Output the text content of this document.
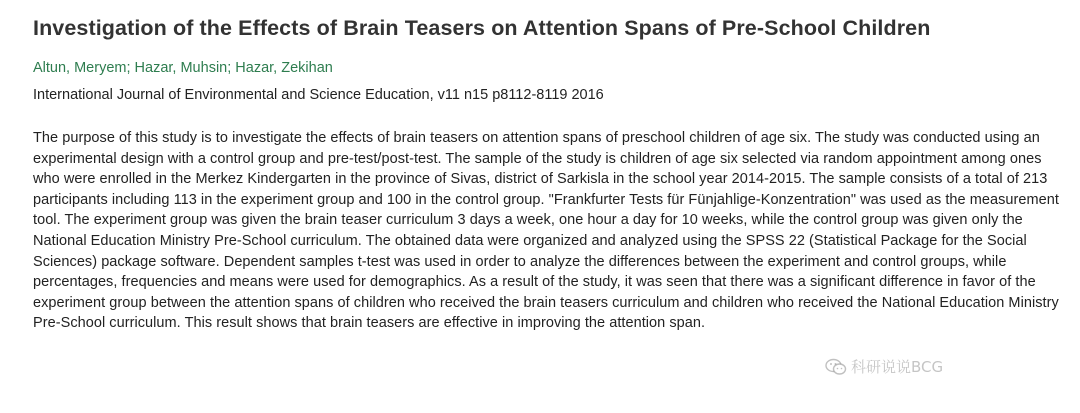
Investigation of the Effects of Brain Teasers on Attention Spans of Pre-School Children
Altun, Meryem; Hazar, Muhsin; Hazar, Zekihan
International Journal of Environmental and Science Education, v11 n15 p8112-8119 2016

The purpose of this study is to investigate the effects of brain teasers on attention spans of preschool children of age six. The study was conducted using an experimental design with a control group and pre-test/post-test. The sample of the study is children of age six selected via random appointment among ones who were enrolled in the Merkez Kindergarten in the province of Sivas, district of Sarkisla in the school year 2014-2015. The sample consists of a total of 213 participants including 113 in the experiment group and 100 in the control group. "Frankfurter Tests für Fünjahlige-Konzentration" was used as the measurement tool. The experiment group was given the brain teaser curriculum 3 days a week, one hour a day for 10 weeks, while the control group was given only the National Education Ministry Pre-School curriculum. The obtained data were organized and analyzed using the SPSS 22 (Statistical Package for the Social Sciences) package software. Dependent samples t-test was used in order to analyze the differences between the experiment and control groups, while percentages, frequencies and means were used for demographics. As a result of the study, it was seen that there was a significant difference in favor of the experiment group between the attention spans of children who received the brain teasers curriculum and children who received the National Education Ministry Pre-School curriculum. This result shows that brain teasers are effective in improving the attention span.

科研说说BCG
